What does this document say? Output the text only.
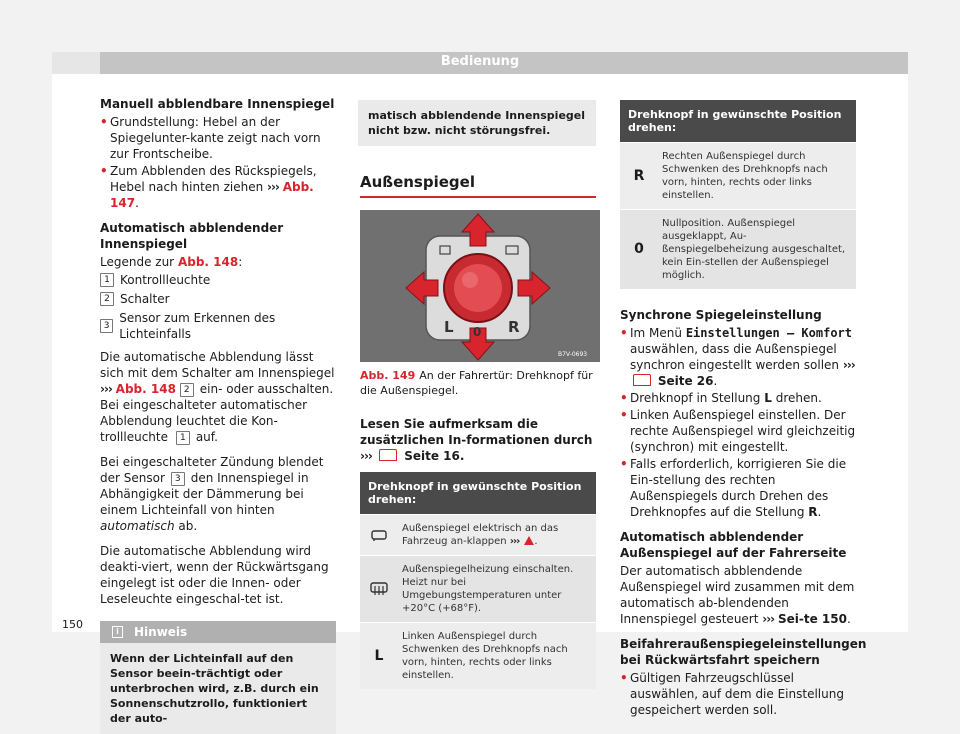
Bedienung
Manuell abblendbare Innenspiegel
• Grundstellung: Hebel an der Spiegelunter-kante zeigt nach vorn zur Frontscheibe.
• Zum Abblenden des Rückspiegels, Hebel nach hinten ziehen ››› Abb. 147.
Automatisch abblendender Innenspiegel
Legende zur Abb. 148:
1 Kontrollleuchte
2 Schalter
3
Sensor zum Erkennen des Lichteinfalls

Die automatische Abblendung lässt sich mit dem Schalter am Innenspiegel ››› Abb. 148 2 ein- oder ausschalten. Bei eingeschalteter automatischer Abblendung leuchtet die Kon-trollleuchte 1 auf.

Bei eingeschalteter Zündung blendet der Sensor 3 den Innenspiegel in Abhängigkeit der Dämmerung bei einem Lichteinfall von hinten automatisch ab.

Die automatische Abblendung wird deakti-viert, wenn der Rückwärtsgang eingelegt ist oder die Innen- oder Leseleuchte eingeschal-tet ist.

i	Hinweis
Wenn der Lichteinfall auf den Sensor beein-trächtigt oder unterbrochen wird, z.B. durch ein Sonnenschutzrollo, funktioniert der auto-
matisch abblendende Innenspiegel nicht bzw. nicht störungsfrei.
Außenspiegel
L 0 R
B7V-0693
Abb. 149 An der Fahrertür: Drehknopf für die Außenspiegel.
Lesen Sie aufmerksam die zusätzlichen In-formationen durch ›››	Seite 16.
Drehknopf in gewünschte Position drehen:
Außenspiegel elektrisch an das Fahrzeug an-klappen ››› .
Außenspiegelheizung einschalten. Heizt nur bei Umgebungstemperaturen unter +20°C (+68°F).
L
Linken Außenspiegel durch Schwenken des Drehknopfs nach vorn, hinten, rechts oder links einstellen.
Drehknopf in gewünschte Position drehen:
R
Rechten Außenspiegel durch Schwenken des Drehknopfs nach vorn, hinten, rechts oder links einstellen.
0
Nullposition. Außenspiegel ausgeklappt, Au-ßenspiegelbeheizung ausgeschaltet, kein Ein-stellen der Außenspiegel möglich.
Synchrone Spiegeleinstellung
• Im Menü Einstellungen – Komfort auswählen, dass die Außenspiegel synchron eingestellt werden sollen ›››  Seite 26.
• Drehknopf in Stellung L drehen.
• Linken Außenspiegel einstellen. Der rechte Außenspiegel wird gleichzeitig (synchron) mit eingestellt.
• Falls erforderlich, korrigieren Sie die Ein-stellung des rechten Außenspiegels durch Drehen des Drehknopfes auf die Stellung R.
Automatisch abblendender Außenspiegel auf der Fahrerseite

Der automatisch abblendende Außenspiegel wird zusammen mit dem automatisch ab-blendenden Innenspiegel gesteuert ››› Sei-te 150.

Beifahreraußenspiegeleinstellungen bei Rückwärtsfahrt speichern
• Gültigen Fahrzeugschlüssel auswählen, auf dem die Einstellung gespeichert werden soll.
150
